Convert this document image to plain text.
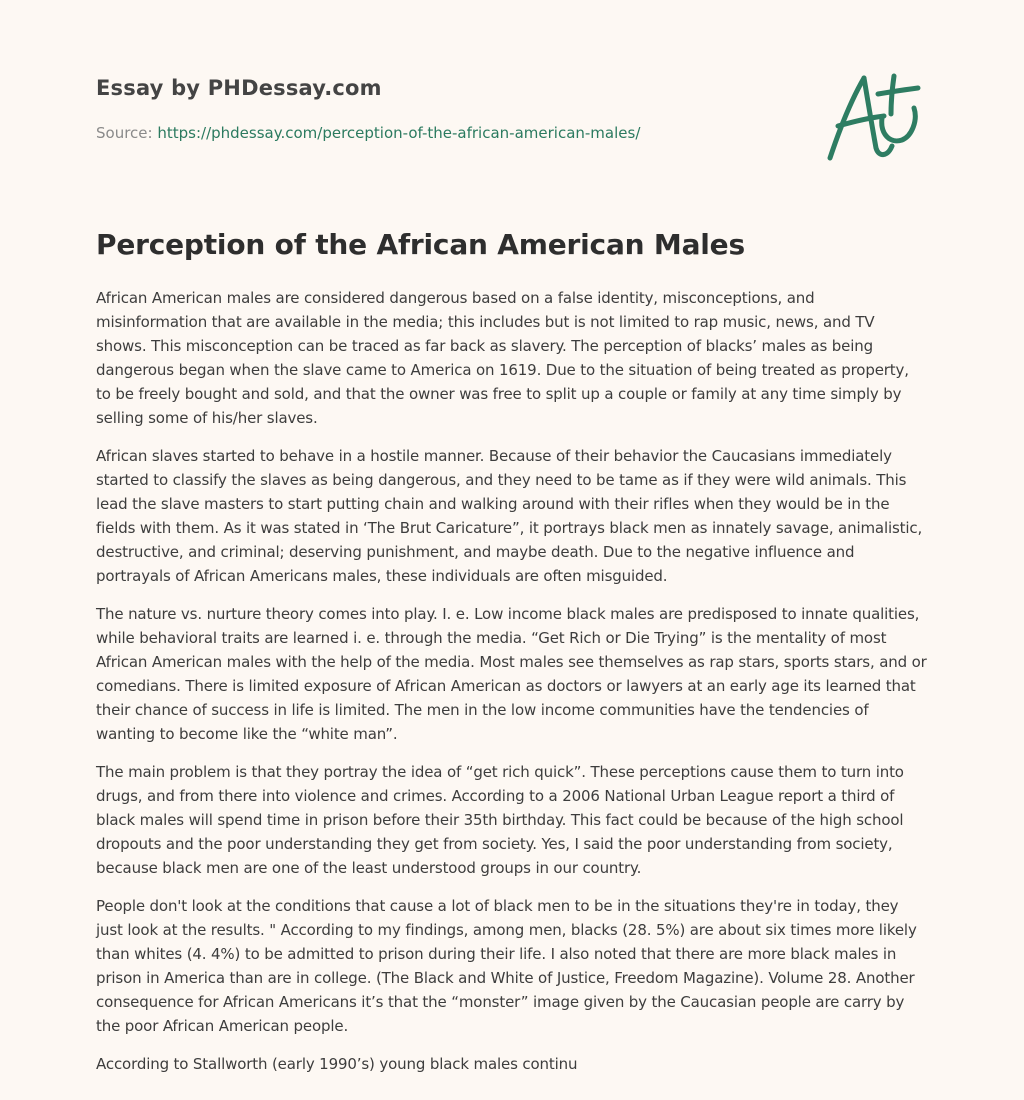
Essay by PHDessay.com
Source: https://phdessay.com/perception-of-the-african-american-males/
Perception of the African American Males

African American males are considered dangerous based on a false identity, misconceptions, and misinformation that are available in the media; this includes but is not limited to rap music, news, and TV shows. This misconception can be traced as far back as slavery. The perception of blacks’ males as being dangerous began when the slave came to America on 1619. Due to the situation of being treated as property, to be freely bought and sold, and that the owner was free to split up a couple or family at any time simply by selling some of his/her slaves.

African slaves started to behave in a hostile manner. Because of their behavior the Caucasians immediately started to classify the slaves as being dangerous, and they need to be tame as if they were wild animals. This lead the slave masters to start putting chain and walking around with their rifles when they would be in the fields with them. As it was stated in ‘The Brut Caricature”, it portrays black men as innately savage, animalistic, destructive, and criminal; deserving punishment, and maybe death. Due to the negative influence and portrayals of African Americans males, these individuals are often misguided.

The nature vs. nurture theory comes into play. I. e. Low income black males are predisposed to innate qualities, while behavioral traits are learned i. e. through the media. “Get Rich or Die Trying” is the mentality of most African American males with the help of the media. Most males see themselves as rap stars, sports stars, and or comedians. There is limited exposure of African American as doctors or lawyers at an early age its learned that their chance of success in life is limited. The men in the low income communities have the tendencies of wanting to become like the “white man”.

The main problem is that they portray the idea of “get rich quick”. These perceptions cause them to turn into drugs, and from there into violence and crimes. According to a 2006 National Urban League report a third of black males will spend time in prison before their 35th birthday. This fact could be because of the high school dropouts and the poor understanding they get from society. Yes, I said the poor understanding from society, because black men are one of the least understood groups in our country.

People don't look at the conditions that cause a lot of black men to be in the situations they're in today, they just look at the results. " According to my findings, among men, blacks (28. 5%) are about six times more likely than whites (4. 4%) to be admitted to prison during their life. I also noted that there are more black males in prison in America than are in college. (The Black and White of Justice, Freedom Magazine). Volume 28. Another consequence for African Americans it’s that the “monster” image given by the Caucasian people are carry by the poor African American people.

According to Stallworth (early 1990’s) young black males continu
